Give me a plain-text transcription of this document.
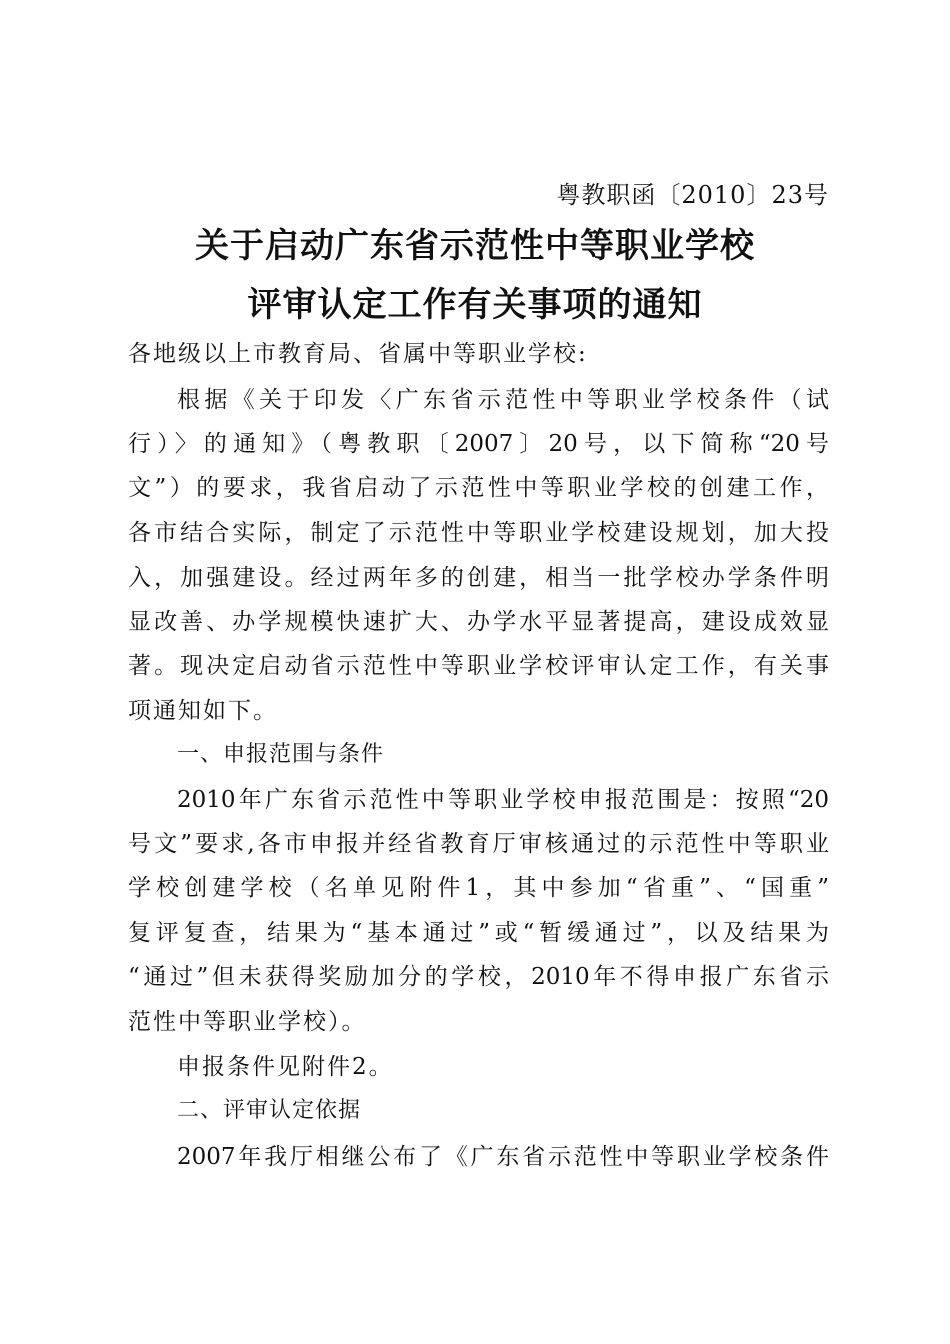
粤教职函〔2010〕23号
关于启动广东省示范性中等职业学校
评审认定工作有关事项的通知
各地级以上市教育局、省属中等职业学校:
根据《关于印发〈广东省示范性中等职业学校条件（试
行）〉的通知》（粤教职〔2007〕20号，以下简称“20号
文”）的要求，我省启动了示范性中等职业学校的创建工作，
各市结合实际，制定了示范性中等职业学校建设规划，加大投
入，加强建设。经过两年多的创建，相当一批学校办学条件明
显改善、办学规模快速扩大、办学水平显著提高，建设成效显
著。现决定启动省示范性中等职业学校评审认定工作，有关事
项通知如下。
一、申报范围与条件
2010年广东省示范性中等职业学校申报范围是：按照“20
号文”要求,各市申报并经省教育厅审核通过的示范性中等职业
学校创建学校（名单见附件1，其中参加“省重”、“国重”
复评复查，结果为“基本通过”或“暂缓通过”，以及结果为
“通过”但未获得奖励加分的学校，2010年不得申报广东省示
范性中等职业学校）。
申报条件见附件2。
二、评审认定依据
2007年我厅相继公布了《广东省示范性中等职业学校条件
